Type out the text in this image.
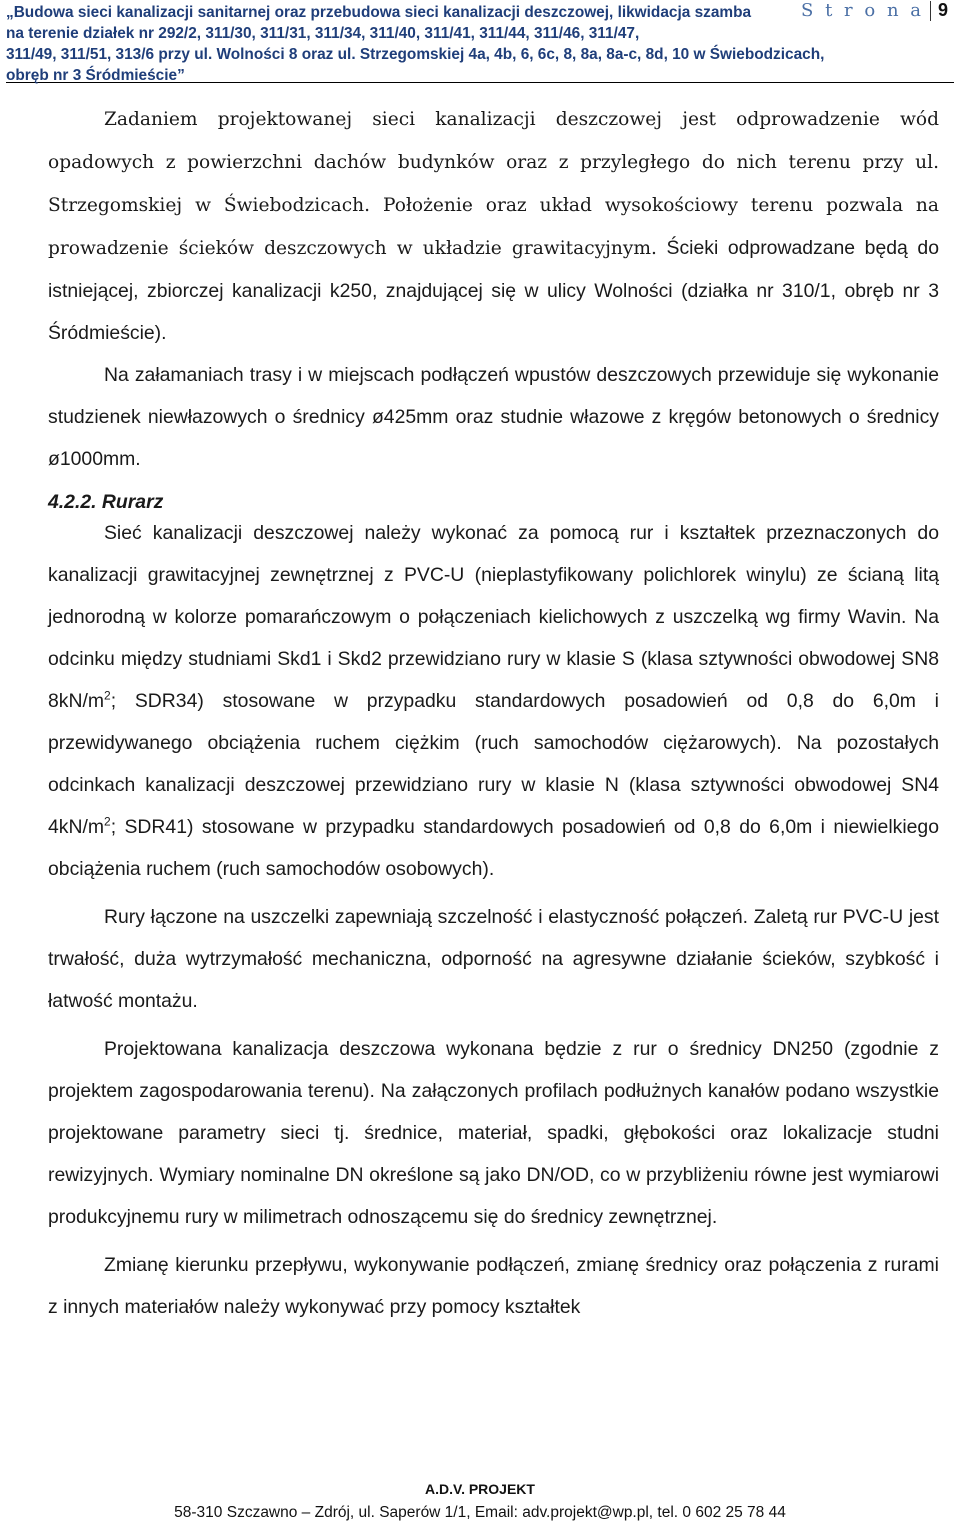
„Budowa sieci kanalizacji sanitarnej oraz przebudowa sieci kanalizacji deszczowej, likwidacja szamba
na terenie działek nr 292/2, 311/30, 311/31, 311/34, 311/40, 311/41, 311/44, 311/46, 311/47,
311/49, 311/51, 313/6 przy ul. Wolności 8 oraz ul. Strzegomskiej 4a, 4b, 6, 6c, 8, 8a, 8a-c, 8d, 10 w Świebodzicach,
obręb nr 3 Śródmieście”
S t r o n a 9

Zadaniem projektowanej sieci kanalizacji deszczowej jest odprowadzenie wód opadowych z powierzchni dachów budynków oraz z przyległego do nich terenu przy ul. Strzegomskiej w Świebodzicach. Położenie oraz układ wysokościowy terenu pozwala na prowadzenie ścieków deszczowych w układzie grawitacyjnym. Ścieki odprowadzane będą do istniejącej, zbiorczej kanalizacji k250, znajdującej się w ulicy Wolności (działka nr 310/1, obręb nr 3 Śródmieście).

Na załamaniach trasy i w miejscach podłączeń wpustów deszczowych przewiduje się wykonanie studzienek niewłazowych o średnicy ø425mm oraz studnie włazowe z kręgów betonowych o średnicy ø1000mm.

4.2.2. Rurarz

Sieć kanalizacji deszczowej należy wykonać za pomocą rur i kształtek przeznaczonych do kanalizacji grawitacyjnej zewnętrznej z PVC-U (nieplastyfikowany polichlorek winylu) ze ścianą litą jednorodną w kolorze pomarańczowym o połączeniach kielichowych z uszczelką wg firmy Wavin. Na odcinku między studniami Skd1 i Skd2 przewidziano rury w klasie S (klasa sztywności obwodowej SN8 $8kN/m^2$; SDR34) stosowane w przypadku standardowych posadowień od 0,8 do 6,0m i przewidywanego obciążenia ruchem ciężkim (ruch samochodów ciężarowych). Na pozostałych odcinkach kanalizacji deszczowej przewidziano rury w klasie N (klasa sztywności obwodowej SN4 $4kN/m^2$; SDR41) stosowane w przypadku standardowych posadowień od 0,8 do 6,0m i niewielkiego obciążenia ruchem (ruch samochodów osobowych).

Rury łączone na uszczelki zapewniają szczelność i elastyczność połączeń. Zaletą rur PVC-U jest trwałość, duża wytrzymałość mechaniczna, odporność na agresywne działanie ścieków, szybkość i łatwość montażu.

Projektowana kanalizacja deszczowa wykonana będzie z rur o średnicy DN250 (zgodnie z projektem zagospodarowania terenu). Na załączonych profilach podłużnych kanałów podano wszystkie projektowane parametry sieci tj. średnice, materiał, spadki, głębokości oraz lokalizacje studni rewizyjnych. Wymiary nominalne DN określone są jako DN/OD, co w przybliżeniu równe jest wymiarowi produkcyjnemu rury w milimetrach odnoszącemu się do średnicy zewnętrznej.

Zmianę kierunku przepływu, wykonywanie podłączeń, zmianę średnicy oraz połączenia z rurami z innych materiałów należy wykonywać przy pomocy kształtek

A.D.V. PROJEKT
58-310 Szczawno – Zdrój, ul. Saperów 1/1, Email: adv.projekt@wp.pl, tel. 0 602 25 78 44
